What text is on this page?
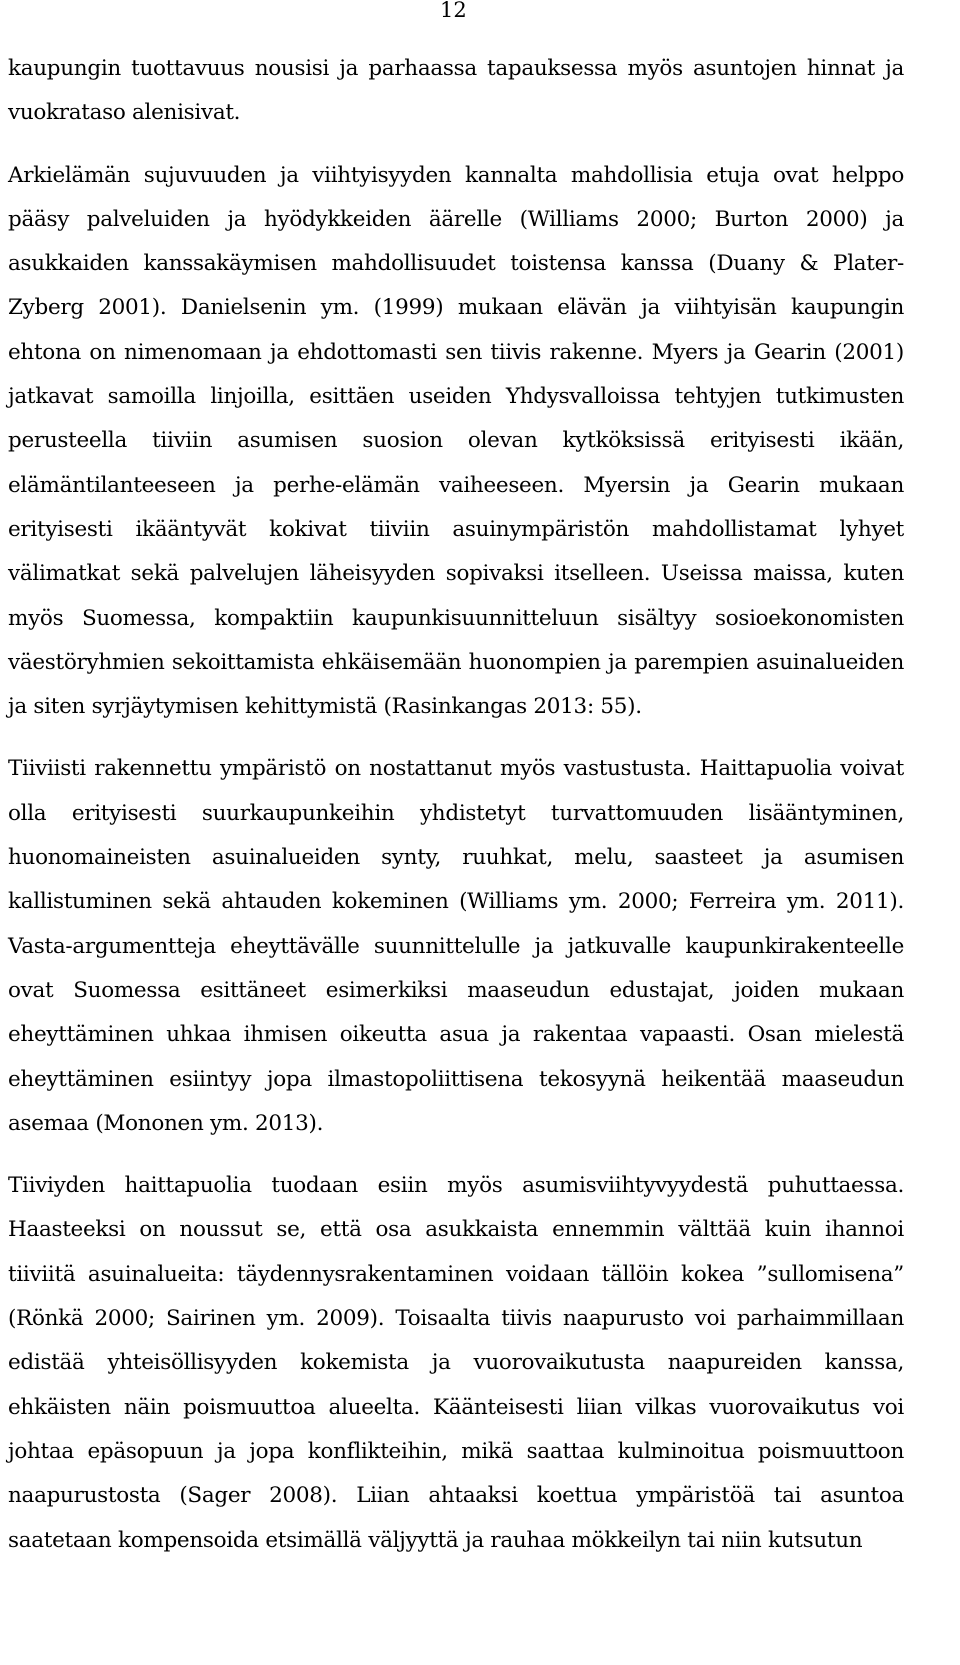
12

kaupungin tuottavuus nousisi ja parhaassa tapauksessa myös asuntojen hinnat ja vuokrataso alenisivat.

Arkielämän sujuvuuden ja viihtyisyyden kannalta mahdollisia etuja ovat helppo pääsy palveluiden ja hyödykkeiden äärelle (Williams 2000; Burton 2000) ja asukkaiden kanssakäymisen mahdollisuudet toistensa kanssa (Duany & Plater-Zyberg 2001). Danielsenin ym. (1999) mukaan elävän ja viihtyisän kaupungin ehtona on nimenomaan ja ehdottomasti sen tiivis rakenne. Myers ja Gearin (2001) jatkavat samoilla linjoilla, esittäen useiden Yhdysvalloissa tehtyjen tutkimusten perusteella tiiviin asumisen suosion olevan kytköksissä erityisesti ikään, elämäntilanteeseen ja perhe-elämän vaiheeseen. Myersin ja Gearin mukaan erityisesti ikääntyvät kokivat tiiviin asuinympäristön mahdollistamat lyhyet välimatkat sekä palvelujen läheisyyden sopivaksi itselleen. Useissa maissa, kuten myös Suomessa, kompaktiin kaupunkisuunnitteluun sisältyy sosioekonomisten väestöryhmien sekoittamista ehkäisemään huonompien ja parempien asuinalueiden ja siten syrjäytymisen kehittymistä (Rasinkangas 2013: 55).

Tiiviisti rakennettu ympäristö on nostattanut myös vastustusta. Haittapuolia voivat olla erityisesti suurkaupunkeihin yhdistetyt turvattomuuden lisääntyminen, huonomaineisten asuinalueiden synty, ruuhkat, melu, saasteet ja asumisen kallistuminen sekä ahtauden kokeminen (Williams ym. 2000; Ferreira ym. 2011). Vasta-argumentteja eheyttävälle suunnittelulle ja jatkuvalle kaupunkirakenteelle ovat Suomessa esittäneet esimerkiksi maaseudun edustajat, joiden mukaan eheyttäminen uhkaa ihmisen oikeutta asua ja rakentaa vapaasti. Osan mielestä eheyttäminen esiintyy jopa ilmastopoliittisena tekosyynä heikentää maaseudun asemaa (Mononen ym. 2013).

Tiiviyden haittapuolia tuodaan esiin myös asumisviihtyvyydestä puhuttaessa. Haasteeksi on noussut se, että osa asukkaista ennemmin välttää kuin ihannoi tiiviitä asuinalueita: täydennysrakentaminen voidaan tällöin kokea ”sullomisena” (Rönkä 2000; Sairinen ym. 2009). Toisaalta tiivis naapurusto voi parhaimmillaan edistää yhteisöllisyyden kokemista ja vuorovaikutusta naapureiden kanssa, ehkäisten näin poismuuttoa alueelta. Käänteisesti liian vilkas vuorovaikutus voi johtaa epäsopuun ja jopa konflikteihin, mikä saattaa kulminoitua poismuuttoon naapurustosta (Sager 2008). Liian ahtaaksi koettua ympäristöä tai asuntoa saatetaan kompensoida etsimällä väljyyttä ja rauhaa mökkeilyn tai niin kutsutun
